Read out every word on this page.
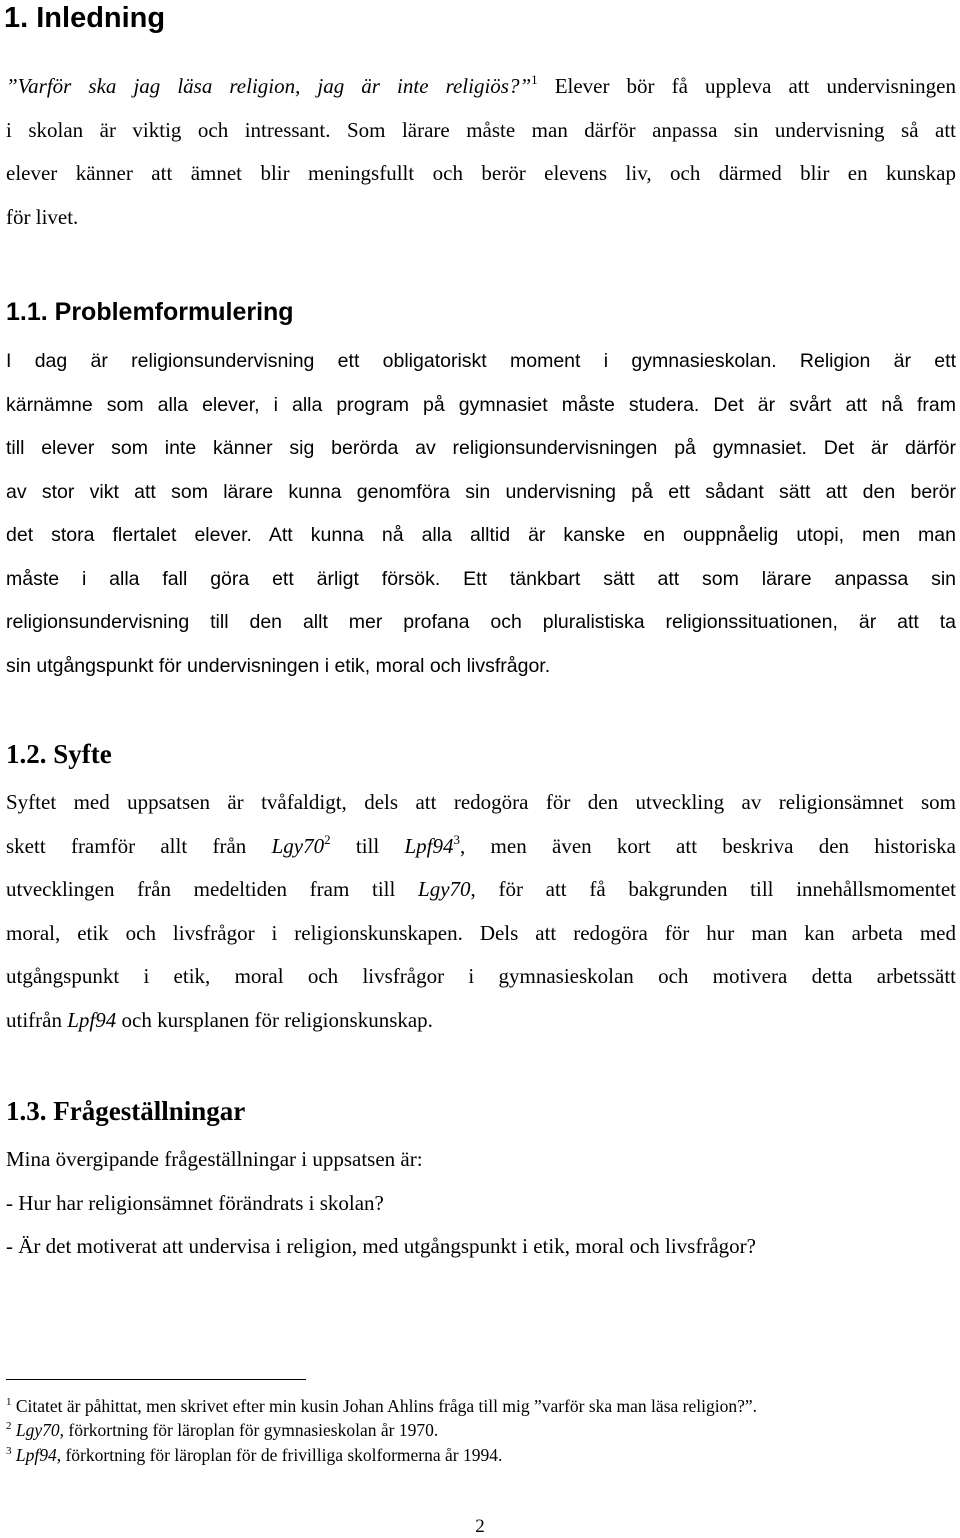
1. Inledning
”Varför ska jag läsa religion, jag är inte religiös?”$^1$ Elever bör få uppleva att undervisningen
i skolan är viktig och intressant. Som lärare måste man därför anpassa sin undervisning så att
elever känner att ämnet blir meningsfullt och berör elevens liv, och därmed blir en kunskap
för livet.
1.1. Problemformulering
I dag är religionsundervisning ett obligatoriskt moment i gymnasieskolan. Religion är ett
kärnämne som alla elever, i alla program på gymnasiet måste studera. Det är svårt att nå fram
till elever som inte känner sig berörda av religionsundervisningen på gymnasiet. Det är därför
av stor vikt att som lärare kunna genomföra sin undervisning på ett sådant sätt att den berör
det stora flertalet elever. Att kunna nå alla alltid är kanske en ouppnåelig utopi, men man
måste i alla fall göra ett ärligt försök. Ett tänkbart sätt att som lärare anpassa sin
religionsundervisning till den allt mer profana och pluralistiska religionssituationen, är att ta
sin utgångspunkt för undervisningen i etik, moral och livsfrågor.
1.2. Syfte
Syftet med uppsatsen är tvåfaldigt, dels att redogöra för den utveckling av religionsämnet som
skett framför allt från $Lgy70^2$ till $Lpf94^3$, men även kort att beskriva den historiska
utvecklingen från medeltiden fram till Lgy70, för att få bakgrunden till innehållsmomentet
moral, etik och livsfrågor i religionskunskapen. Dels att redogöra för hur man kan arbeta med
utgångspunkt i etik, moral och livsfrågor i gymnasieskolan och motivera detta arbetssätt
utifrån Lpf94 och kursplanen för religionskunskap.
1.3. Frågeställningar
Mina övergipande frågeställningar i uppsatsen är:
- Hur har religionsämnet förändrats i skolan?
- Är det motiverat att undervisa i religion, med utgångspunkt i etik, moral och livsfrågor?
$^1$ Citatet är påhittat, men skrivet efter min kusin Johan Ahlins fråga till mig ”varför ska man läsa religion?”.
$^2$ Lgy70, förkortning för läroplan för gymnasieskolan år 1970.
$^3$ Lpf94, förkortning för läroplan för de frivilliga skolformerna år 1994.
2
